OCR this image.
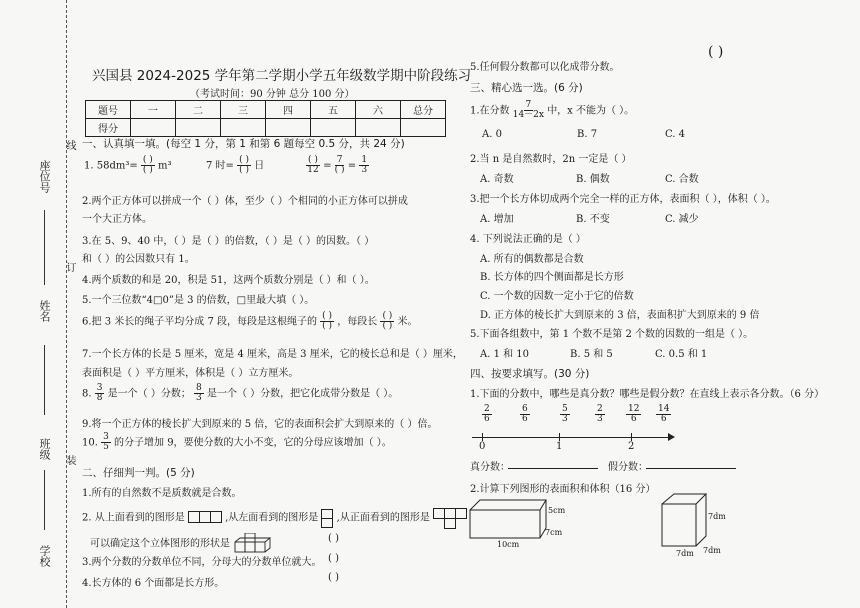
座位号
姓名
班级
学校
线
订
装
兴国县 2024-2025 学年第二学期小学五年级数学期中阶段练习
（考试时间：90 分钟 总分 100 分）
( )
题号	一	二	三	四	五	六	总分
得分							
一、认真填一填。(每空 1 分，第 1 和第 6 题每空 0.5 分，共 24 分)
1. $58dm^3= \frac{( )}{( )} m^3$	7 时= $\frac{( )}{( )}$ 日	$\frac{( )}{12} = \frac{7}{( )} = \frac{1}{3}$
2.两个正方体可以拼成一个（ ）体，至少（ ）个相同的小正方体可以拼成
一个大正方体。
3.在 5、9、40 中，（ ）是（ ）的倍数，（ ）是（ ）的因数。（ ）
和（ ）的公因数只有 1。
4.两个质数的和是 20，积是 51，这两个质数分别是（ ）和（ ）。
5.一个三位数“4□0”是 3 的倍数，□里最大填（ ）。
6.把 3 米长的绳子平均分成 7 段，每段是这根绳子的 $\frac{( )}{( )}$ ，每段长 $\frac{( )}{( )}$ 米。
7.一个长方体的长是 5 厘米，宽是 4 厘米，高是 3 厘米，它的棱长总和是（ ）厘米，
表面积是（ ）平方厘米，体积是（ ）立方厘米。
8. $\frac{3}{8}$ 是一个（ ）分数； $\frac{8}{3}$ 是一个（ ）分数，把它化成带分数是（ ）。
9.将一个正方体的棱长扩大到原来的 5 倍，它的表面积会扩大到原来的（ ）倍。
10. $\frac{3}{5}$ 的分子增加 9，要使分数的大小不变，它的分母应该增加（ ）。
二、仔细判一判。(5 分)
1.所有的自然数不是质数就是合数。
2. 从上面看到的图形是	,从左面看到的图形是 ,从正面看到的图形是
可以确定这个立体图形的形状是	( )
3.两个分数的分数单位不同，分母大的分数单位就大。 ( )
4.长方体的 6 个面都是长方形。
( )
5.任何假分数都可以化成带分数。
三、精心选一选。(6 分)
1.在分数 $\frac{7}{14-2x}$ 中，x 不能为（ ）。
A. 0	B. 7	C. 4
2.当 n 是自然数时，2n 一定是（ ）
A. 奇数	B. 偶数	C. 合数
3.把一个长方体切成两个完全一样的正方体，表面积（ ），体积（ ）。
A. 增加	B. 不变	C. 减少
4. 下列说法正确的是（ ）
A. 所有的偶数都是合数
B. 长方体的四个侧面都是长方形
C. 一个数的因数一定小于它的倍数
D. 正方体的棱长扩大到原来的 3 倍，表面积扩大到原来的 9 倍
5.下面各组数中，第 1 个数不是第 2 个数的因数的一组是（ ）。
A. 1 和 10	B. 5 和 5	C. 0.5 和 1
四、按要求填写。(30 分)
1.下面的分数中，哪些是真分数？哪些是假分数？在直线上表示各分数。（6 分）
$\frac{2}{6}$	$\frac{6}{6}$	$\frac{5}{3}$	$\frac{2}{3} \frac{12}{6} \frac{14}{6}$
0	1	2
真分数：	假分数：
2.计算下列图形的表面积和体积（16 分）
5cm
7cm
10cm
7dm
7dm 7dm
